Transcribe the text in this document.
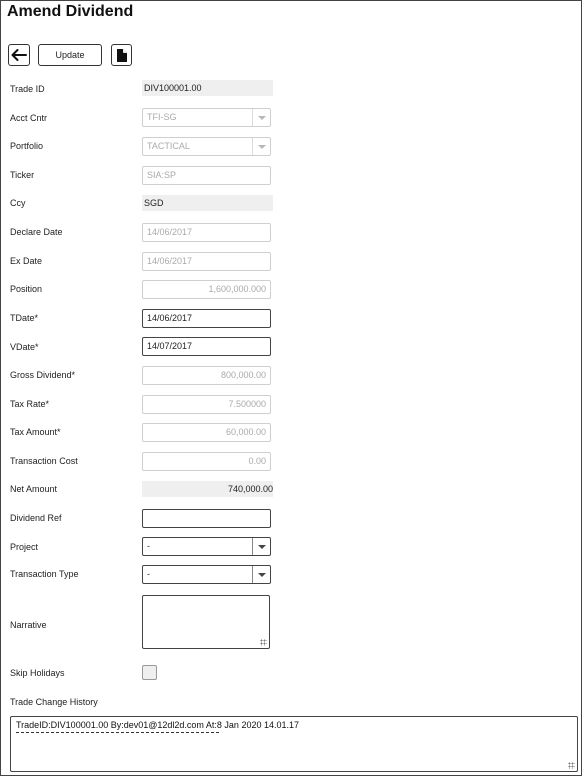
Amend Dividend
Update
Trade ID	DIV100001.00
Acct Cntr	TFI-SG
Portfolio	TACTICAL
Ticker	SIA:SP
Ccy	SGD
Declare Date	14/06/2017
Ex Date	14/06/2017
Position	1,600,000.000
TDate*	14/06/2017
VDate*	14/07/2017
Gross Dividend*	800,000.00
Tax Rate*	7.500000
Tax Amount*	60,000.00
Transaction Cost	0.00
Net Amount	740,000.00
Dividend Ref
Project	-
Transaction Type	-
Narrative
Skip Holidays
Trade Change History
TradeID:DIV100001.00 By:dev01@12dl2d.com At:8 Jan 2020 14.01.17
